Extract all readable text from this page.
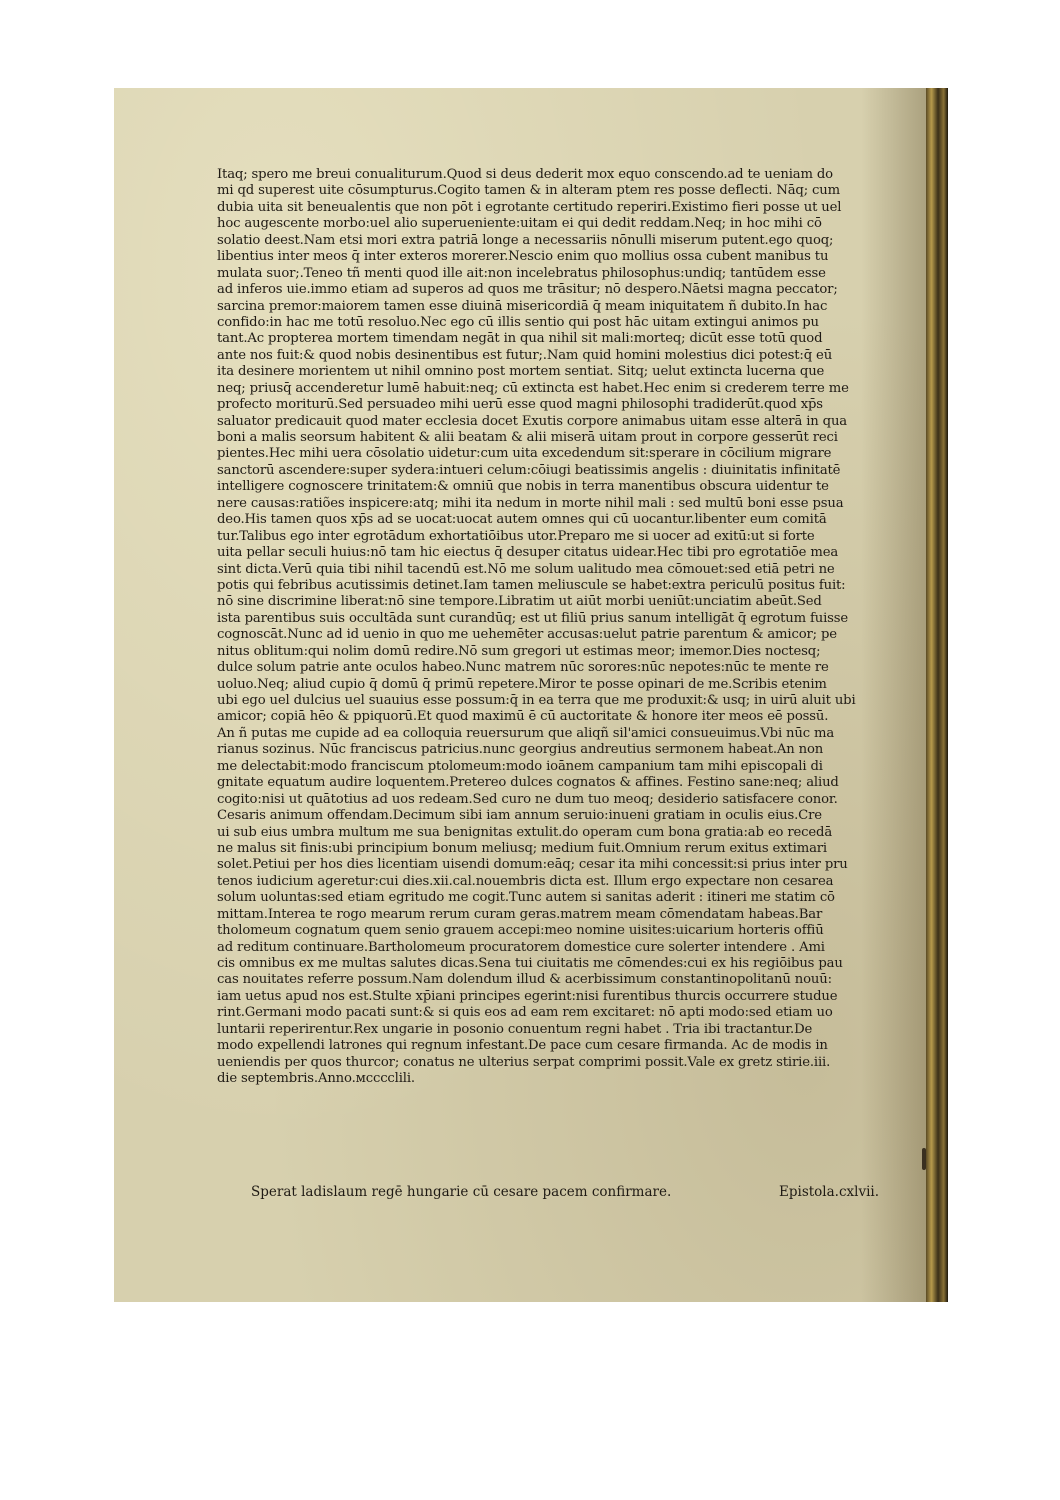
Itaq; spero me breui conualiturum.Quod si deus dederit mox equo conscendo.ad te ueniam do
mi qd superest uite cōsumpturus.Cogito tamen & in alteram ptem res posse deflecti. Nāq; cum
dubia uita sit beneualentis que non pōt i egrotante certitudo reperiri.Existimo fieri posse ut uel
hoc augescente morbo:uel alio superueniente:uitam ei qui dedit reddam.Neq; in hoc mihi cō
solatio deest.Nam etsi mori extra patriā longe a necessariis nōnulli miserum putent.ego quoq;
libentius inter meos q̄ inter exteros morerer.Nescio enim quo mollius ossa cubent manibus tu
mulata suor;.Teneo tñ menti quod ille ait:non incelebratus philosophus:undiq; tantūdem esse
ad inferos uie.immo etiam ad superos ad quos me trāsitur; nō despero.Nāetsi magna peccator;
sarcina premor:maiorem tamen esse diuinā misericordiā q̄ meam iniquitatem ñ dubito.In hac
confido:in hac me totū resoluo.Nec ego cū illis sentio qui post hāc uitam extingui animos pu
tant.Ac propterea mortem timendam negāt in qua nihil sit mali:morteq; dicūt esse totū quod
ante nos fuit:& quod nobis desinentibus est futur;.Nam quid homini molestius dici potest:q̄ eū
ita desinere morientem ut nihil omnino post mortem sentiat. Sitq; uelut extincta lucerna que
neq; priusq̄ accenderetur lumē habuit:neq; cū extincta est habet.Hec enim si crederem terre me
profecto moriturū.Sed persuadeo mihi uerū esse quod magni philosophi tradiderūt.quod xp̄s
saluator predicauit quod mater ecclesia docet Exutis corpore animabus uitam esse alterā in qua
boni a malis seorsum habitent & alii beatam & alii miserā uitam prout in corpore gesserūt reci
pientes.Hec mihi uera cōsolatio uidetur:cum uita excedendum sit:sperare in cōcilium migrare
sanctorū ascendere:super sydera:intueri celum:cōiugi beatissimis angelis : diuinitatis infinitatē
intelligere cognoscere trinitatem:& omniū que nobis in terra manentibus obscura uidentur te
nere causas:ratiões inspicere:atq; mihi ita nedum in morte nihil mali : sed multū boni esse psua
deo.His tamen quos xp̄s ad se uocat:uocat autem omnes qui cū uocantur.libenter eum comitā
tur.Talibus ego inter egrotādum exhortatiōibus utor.Preparo me si uocer ad exitū:ut si forte
uita pellar seculi huius:nō tam hic eiectus q̄ desuper citatus uidear.Hec tibi pro egrotatiōe mea
sint dicta.Verū quia tibi nihil tacendū est.Nō me solum ualitudo mea cōmouet:sed etiā petri ne
potis qui febribus acutissimis detinet.Iam tamen meliuscule se habet:extra periculū positus fuit:
nō sine discrimine liberat:nō sine tempore.Libratim ut aiūt morbi ueniūt:unciatim abeūt.Sed
ista parentibus suis occultāda sunt curandūq; est ut filiū prius sanum intelligāt q̄ egrotum fuisse
cognoscāt.Nunc ad id uenio in quo me uehemēter accusas:uelut patrie parentum & amicor; pe
nitus oblitum:qui nolim domū redire.Nō sum gregori ut estimas meor; imemor.Dies noctesq;
dulce solum patrie ante oculos habeo.Nunc matrem nūc sorores:nūc nepotes:nūc te mente re
uoluo.Neq; aliud cupio q̄ domū q̄ primū repetere.Miror te posse opinari de me.Scribis etenim
ubi ego uel dulcius uel suauius esse possum:q̄ in ea terra que me produxit:& usq; in uirū aluit ubi
amicor; copiā hēo & ppiquorū.Et quod maximū ē cū auctoritate & honore iter meos eē possū.
An ñ putas me cupide ad ea colloquia reuersurum que aliqñ sil'amici consueuimus.Vbi nūc ma
rianus sozinus. Nūc franciscus patricius.nunc georgius andreutius sermonem habeat.An non
me delectabit:modo franciscum ptolomeum:modo ioānem campanium tam mihi episcopali di
gnitate equatum audire loquentem.Pretereo dulces cognatos & affines. Festino sane:neq; aliud
cogito:nisi ut quātotius ad uos redeam.Sed curo ne dum tuo meoq; desiderio satisfacere conor.
Cesaris animum offendam.Decimum sibi iam annum seruio:inueni gratiam in oculis eius.Cre
ui sub eius umbra multum me sua benignitas extulit.do operam cum bona gratia:ab eo recedā
ne malus sit finis:ubi principium bonum meliusq; medium fuit.Omnium rerum exitus extimari
solet.Petiui per hos dies licentiam uisendi domum:eāq; cesar ita mihi concessit:si prius inter pru
tenos iudicium ageretur:cui dies.xii.cal.nouembris dicta est. Illum ergo expectare non cesarea
solum uoluntas:sed etiam egritudo me cogit.Tunc autem si sanitas aderit : itineri me statim cō
mittam.Interea te rogo mearum rerum curam geras.matrem meam cōmendatam habeas.Bar
tholomeum cognatum quem senio grauem accepi:meo nomine uisites:uicarium horteris offiū
ad reditum continuare.Bartholomeum procuratorem domestice cure solerter intendere . Ami
cis omnibus ex me multas salutes dicas.Sena tui ciuitatis me cōmendes:cui ex his regiōibus pau
cas nouitates referre possum.Nam dolendum illud & acerbissimum constantinopolitanū nouū:
iam uetus apud nos est.Stulte xp̄iani principes egerint:nisi furentibus thurcis occurrere studue
rint.Germani modo pacati sunt:& si quis eos ad eam rem excitaret: nō apti modo:sed etiam uo
luntarii reperirentur.Rex ungarie in posonio conuentum regni habet . Tria ibi tractantur.De
modo expellendi latrones qui regnum infestant.De pace cum cesare firmanda. Ac de modis in
ueniendis per quos thurcor; conatus ne ulterius serpat comprimi possit.Vale ex gretz stirie.iii.
die septembris.Anno.ᴍcccclili.
Sperat ladislaum regē hungarie cū cesare pacem confirmare.	Epistola.cxlvii.
